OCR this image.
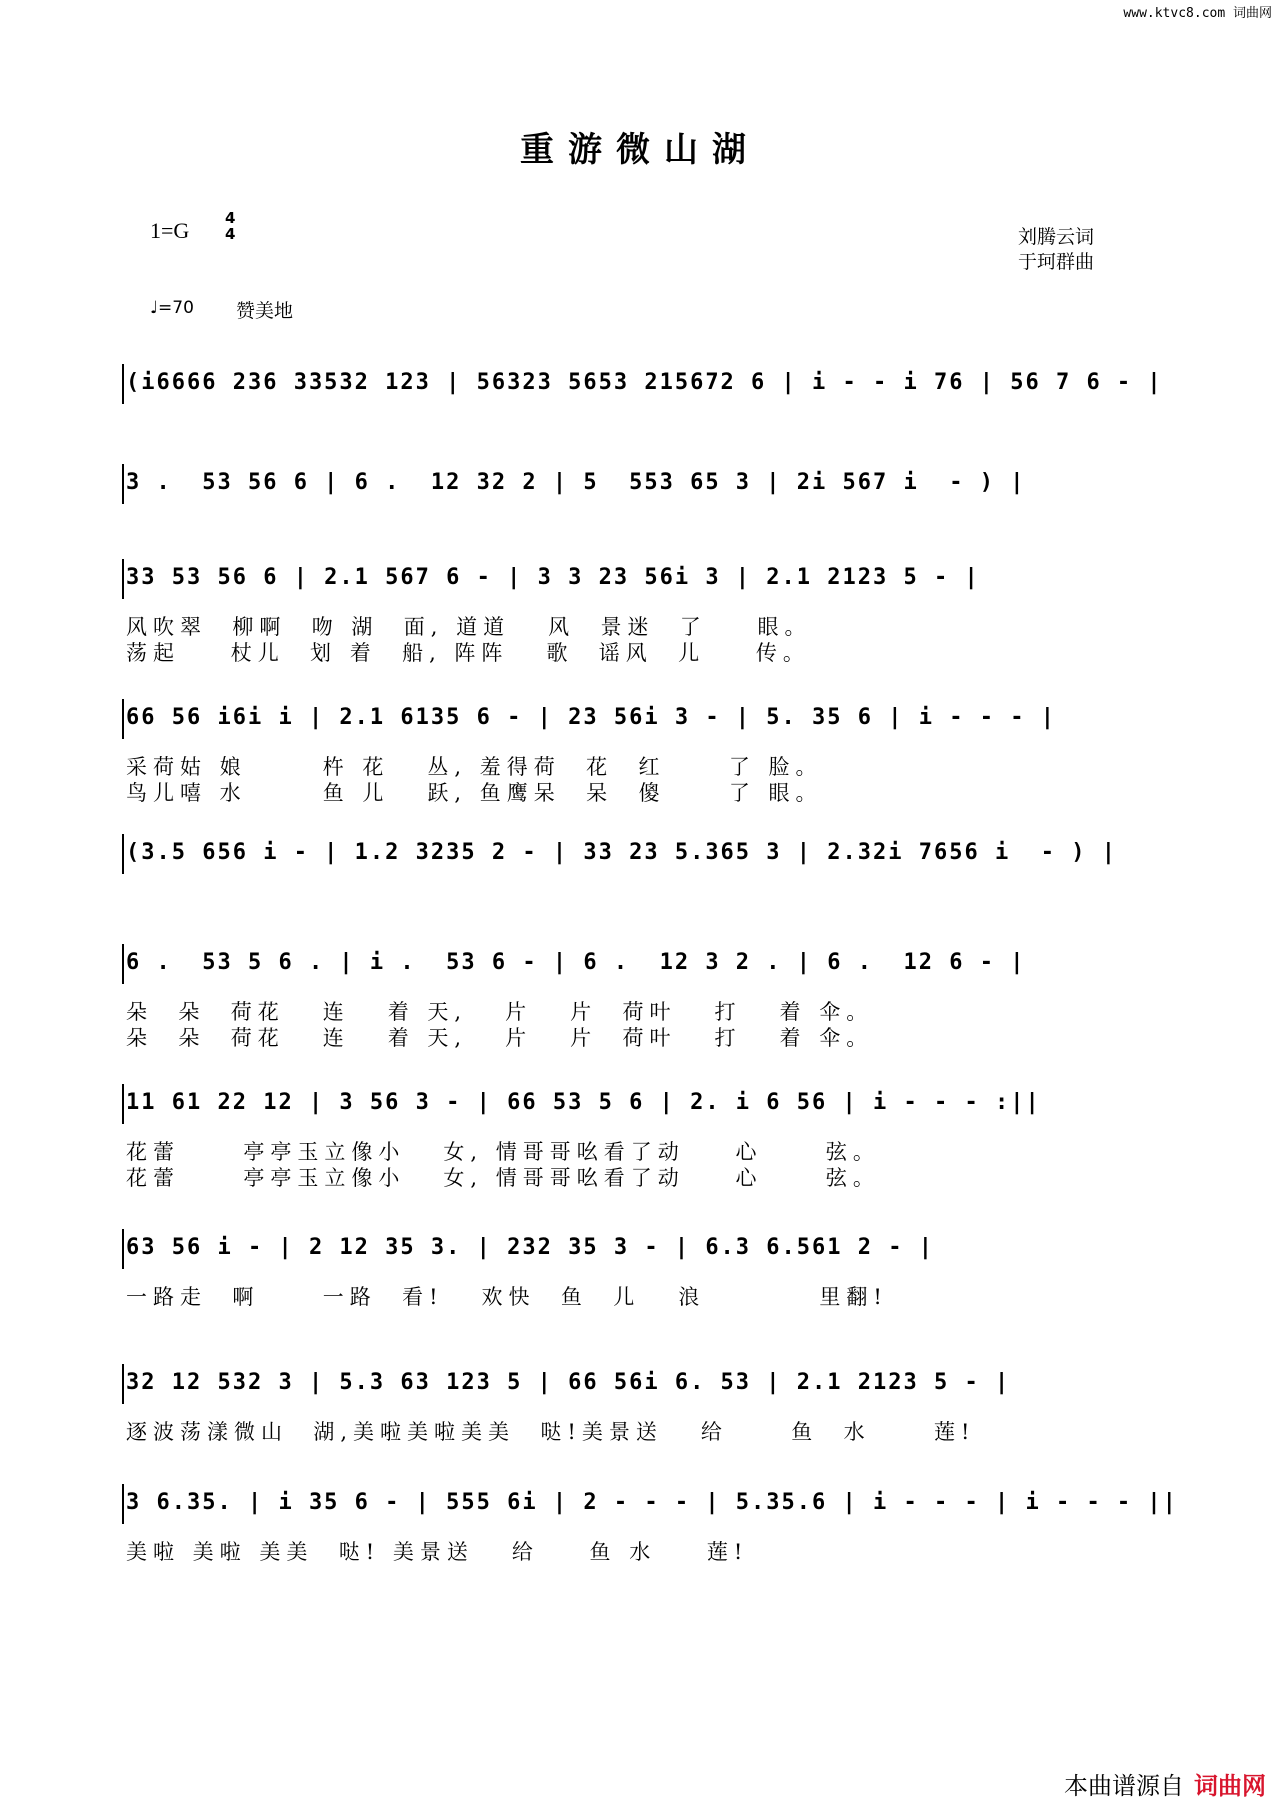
www.ktvc8.com 词曲网
重游微山湖
1=G 4
4	刘腾云词
于珂群曲
♩=70 赞美地
(i6666 236 33532 123 | 56323 5653 215672 6 | i - - i 76 | 56 7 6 - |
3 .  53 56 6 | 6 .  12 32 2 | 5  553 65 3 | 2i 567 i  - ) |
33 53 56 6 | 2.1 567 6 - | 3 3 23 56i 3 | 2.1 2123 5 - |
风吹翠  柳啊  吻 湖  面, 道道   风  景迷  了    眼。
荡起    杖儿  划 着  船, 阵阵   歌  谣风  儿    传。
66 56 i6i i | 2.1 6135 6 - | 23 56i 3 - | 5. 35 6 | i - - - |
采荷姑 娘      杵 花   丛, 羞得荷  花  红     了 脸。
鸟儿嘻 水      鱼 儿   跃, 鱼鹰呆  呆  傻     了 眼。
(3.5 656 i - | 1.2 3235 2 - | 33 23 5.365 3 | 2.32i 7656 i  - ) |
6 .  53 5 6 . | i .  53 6 - | 6 .  12 3 2 . | 6 .  12 6 - |
朵  朵  荷花   连   着 天,   片   片  荷叶   打   着 伞。
朵  朵  荷花   连   着 天,   片   片  荷叶   打   着 伞。
11 61 22 12 | 3 56 3 - | 66 53 5 6 | 2. i 6 56 | i - - - :||
花蕾     亭亭玉立像小   女, 情哥哥吆看了动    心     弦。
花蕾     亭亭玉立像小   女, 情哥哥吆看了动    心     弦。
63 56 i - | 2 12 35 3. | 232 35 3 - | 6.3 6.561 2 - |
一路走  啊     一路  看!   欢快  鱼  儿   浪         里翻!
32 12 532 3 | 5.3 63 123 5 | 66 56i 6. 53 | 2.1 2123 5 - |
逐波荡漾微山  湖,美啦美啦美美  哒!美景送   给     鱼  水     莲!
3 6.35. | i 35 6 - | 555 6i | 2 - - - | 5.35.6 | i - - - | i - - - ||
美啦 美啦 美美  哒! 美景送   给    鱼 水    莲!
本曲谱源自 词曲网
